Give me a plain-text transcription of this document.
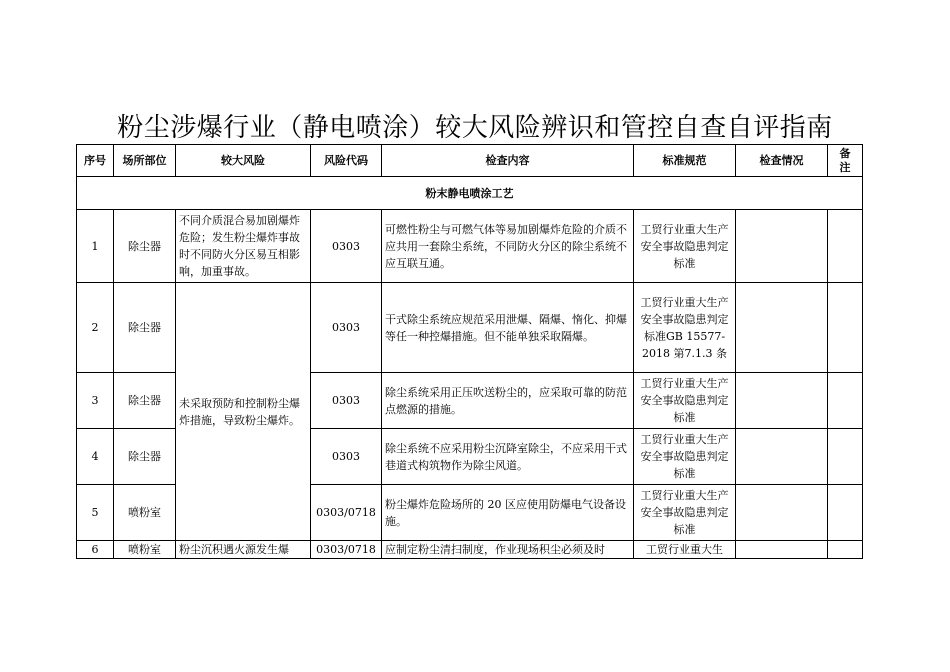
粉尘涉爆行业（静电喷涂）较大风险辨识和管控自查自评指南
序号	场所部位	较大风险	风险代码	检查内容	标准规范	检查情况	备注
粉末静电喷涂工艺							
1	除尘器	不同介质混合易加剧爆炸危险；发生粉尘爆炸事故时不同防火分区易互相影响，加重事故。	0303	可燃性粉尘与可燃气体等易加剧爆炸危险的介质不应共用一套除尘系统，不同防火分区的除尘系统不应互联互通。	工贸行业重大生产安全事故隐患判定标准		
2	除尘器	未采取预防和控制粉尘爆炸措施，导致粉尘爆炸。	0303	干式除尘系统应规范采用泄爆、隔爆、惰化、抑爆等任一种控爆措施。但不能单独采取隔爆。	工贸行业重大生产安全事故隐患判定标准GB 15577-2018 第7.1.3 条		
3	除尘器		0303	除尘系统采用正压吹送粉尘的，应采取可靠的防范点燃源的措施。	工贸行业重大生产安全事故隐患判定标准		
4	除尘器		0303	除尘系统不应采用粉尘沉降室除尘，不应采用干式巷道式构筑物作为除尘风道。	工贸行业重大生产安全事故隐患判定标准		
5	喷粉室		0303/0718	粉尘爆炸危险场所的 20 区应使用防爆电气设备设施。	工贸行业重大生产安全事故隐患判定标准		
6	喷粉室	粉尘沉积遇火源发生爆	0303/0718	应制定粉尘清扫制度，作业现场积尘必须及时	工贸行业重大生		
